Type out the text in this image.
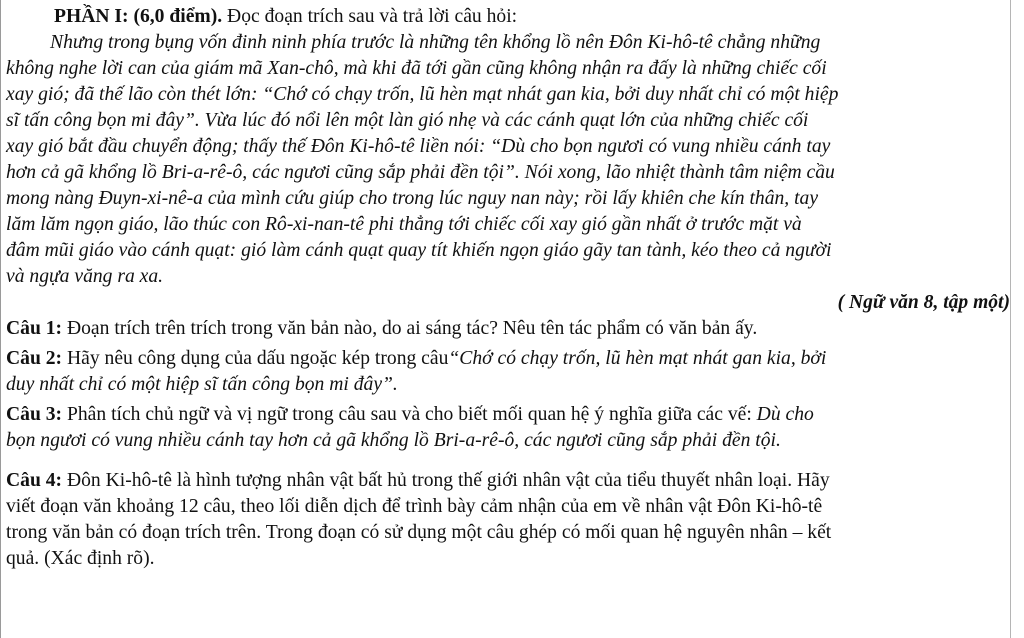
PHẦN I: (6,0 điểm). Đọc đoạn trích sau và trả lời câu hỏi:
Nhưng trong bụng vốn đinh ninh phía trước là những tên khổng lồ nên Đôn Ki-hô-tê chẳng những
không nghe lời can của giám mã Xan-chô, mà khi đã tới gần cũng không nhận ra đấy là những chiếc cối
xay gió; đã thế lão còn thét lớn: “Chớ có chạy trốn, lũ hèn mạt nhát gan kia, bởi duy nhất chỉ có một hiệp
sĩ tấn công bọn mi đây”. Vừa lúc đó nổi lên một làn gió nhẹ và các cánh quạt lớn của những chiếc cối
xay gió bắt đầu chuyển động; thấy thế Đôn Ki-hô-tê liền nói: “Dù cho bọn ngươi có vung nhiều cánh tay
hơn cả gã khổng lồ Bri-a-rê-ô, các ngươi cũng sắp phải đền tội”. Nói xong, lão nhiệt thành tâm niệm cầu
mong nàng Đuyn-xi-nê-a của mình cứu giúp cho trong lúc nguy nan này; rồi lấy khiên che kín thân, tay
lăm lăm ngọn giáo, lão thúc con Rô-xi-nan-tê phi thẳng tới chiếc cối xay gió gần nhất ở trước mặt và
đâm mũi giáo vào cánh quạt: gió làm cánh quạt quay tít khiến ngọn giáo gãy tan tành, kéo theo cả người
và ngựa văng ra xa.
( Ngữ văn 8, tập một)
Câu 1: Đoạn trích trên trích trong văn bản nào, do ai sáng tác? Nêu tên tác phẩm có văn bản ấy.
Câu 2: Hãy nêu công dụng của dấu ngoặc kép trong câu“Chớ có chạy trốn, lũ hèn mạt nhát gan kia, bởi
duy nhất chỉ có một hiệp sĩ tấn công bọn mi đây”.
Câu 3: Phân tích chủ ngữ và vị ngữ trong câu sau và cho biết mối quan hệ ý nghĩa giữa các vế: Dù cho
bọn ngươi có vung nhiều cánh tay hơn cả gã khổng lồ Bri-a-rê-ô, các ngươi cũng sắp phải đền tội.
Câu 4: Đôn Ki-hô-tê là hình tượng nhân vật bất hủ trong thế giới nhân vật của tiểu thuyết nhân loại. Hãy
viết đoạn văn khoảng 12 câu, theo lối diễn dịch để trình bày cảm nhận của em về nhân vật Đôn Ki-hô-tê
trong văn bản có đoạn trích trên. Trong đoạn có sử dụng một câu ghép có mối quan hệ nguyên nhân – kết
quả. (Xác định rõ).
